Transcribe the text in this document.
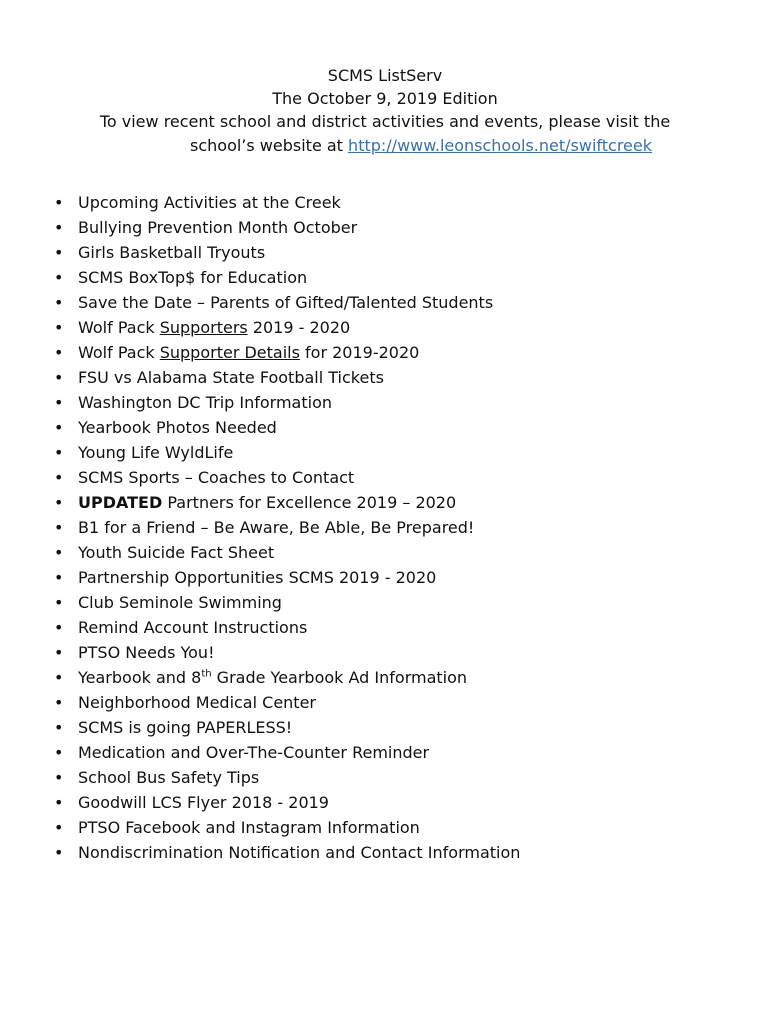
SCMS ListServ
The October 9, 2019 Edition
To view recent school and district activities and events, please visit the
school’s website at http://www.leonschools.net/swiftcreek
• Upcoming Activities at the Creek
• Bullying Prevention Month October
• Girls Basketball Tryouts
• SCMS BoxTop$ for Education
• Save the Date – Parents of Gifted/Talented Students
• Wolf Pack Supporters 2019 - 2020
• Wolf Pack Supporter Details for 2019-2020
• FSU vs Alabama State Football Tickets
• Washington DC Trip Information
• Yearbook Photos Needed
• Young Life WyldLife
• SCMS Sports – Coaches to Contact
• UPDATED Partners for Excellence 2019 – 2020
• B1 for a Friend – Be Aware, Be Able, Be Prepared!
• Youth Suicide Fact Sheet
• Partnership Opportunities SCMS 2019 - 2020
• Club Seminole Swimming
• Remind Account Instructions
• PTSO Needs You!
• Yearbook and 8th Grade Yearbook Ad Information
• Neighborhood Medical Center
• SCMS is going PAPERLESS!
• Medication and Over-The-Counter Reminder
• School Bus Safety Tips
• Goodwill LCS Flyer 2018 - 2019
• PTSO Facebook and Instagram Information
• Nondiscrimination Notification and Contact Information
